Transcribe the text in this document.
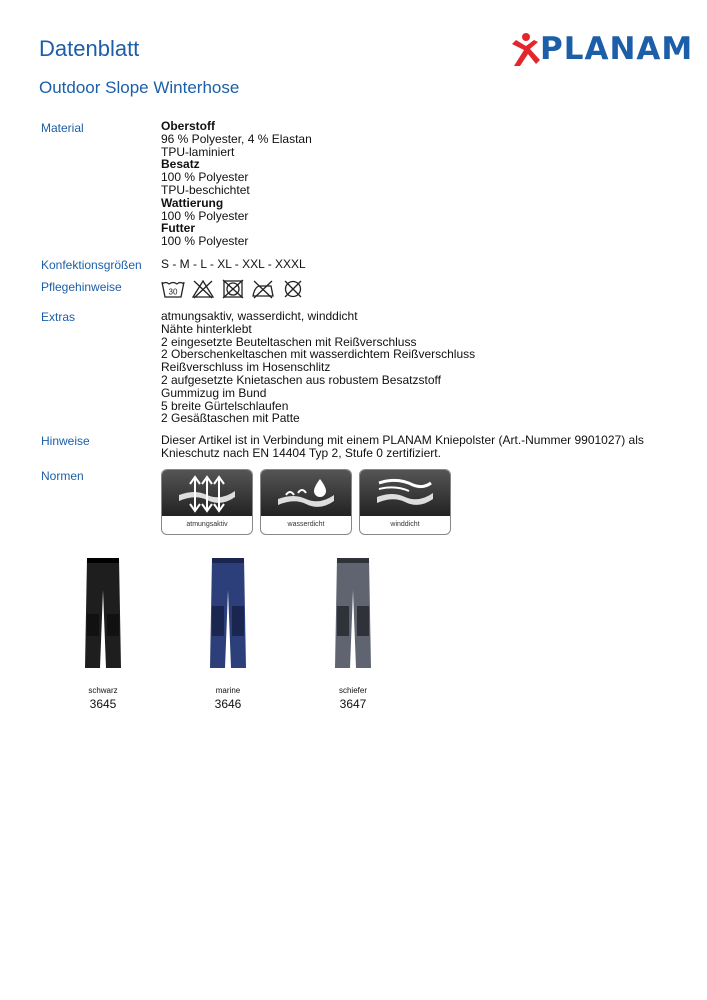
Datenblatt
Outdoor Slope Winterhose
PLANAM
Material	Oberstoff
96 % Polyester, 4 % Elastan
TPU-laminiert
Besatz
100 % Polyester
TPU-beschichtet
Wattierung
100 % Polyester
Futter
100 % Polyester
Konfektionsgrößen S - M - L - XL - XXL - XXXL
Pflegehinweise	30
Extras	atmungsaktiv, wasserdicht, winddicht
Nähte hinterklebt
2 eingesetzte Beuteltaschen mit Reißverschluss
2 Oberschenkeltaschen mit wasserdichtem Reißverschluss
Reißverschluss im Hosenschlitz
2 aufgesetzte Knietaschen aus robustem Besatzstoff
Gummizug im Bund
5 breite Gürtelschlaufen
2 Gesäßtaschen mit Patte
Hinweise	Dieser Artikel ist in Verbindung mit einem PLANAM Kniepolster (Art.-Nummer 9901027) als
Knieschutz nach EN 14404 Typ 2, Stufe 0 zertifiziert.
Normen
atmungsaktiv	wasserdicht	winddicht
schwarz
3645
marine
3646
schiefer
3647
